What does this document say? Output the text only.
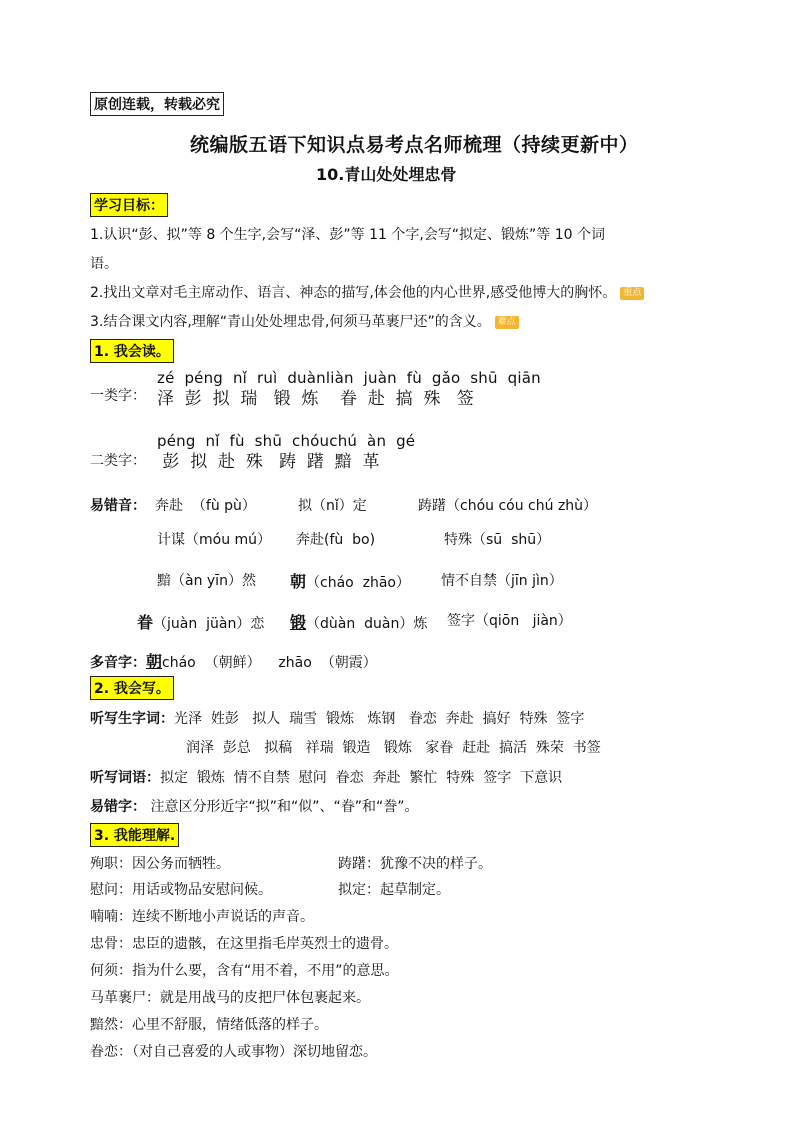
原创连载，转载必究
统编版五语下知识点易考点名师梳理（持续更新中）
10.青山处处埋忠骨
学习目标：
1.认识“彭、拟”等 8 个生字,会写“泽、彭”等 11 个字,会写“拟定、锻炼”等 10 个词
语。
2.找出文章对毛主席动作、语言、神态的描写,体会他的内心世界,感受他博大的胸怀。 重点
3.结合课文内容,理解“青山处处埋忠骨,何须马革裹尸还”的含义。 难点
1. 我会读。
zé  péng  nǐ  ruì  duànliàn  juàn  fù  gǎo  shū  qiān
一类字： 泽  彭  拟  瑞   锻  炼    眷  赴  搞  殊   签
péng  nǐ  fù  shū  chóuchú  àn  gé
二类字： 彭  拟  赴  殊   踌  躇  黯  革
易错音： 奔赴  （fù pù）	拟（nǐ）定	踌躇（chóu cóu chú zhù）
计谋（móu mú） 奔赴(fù  bo)	特殊（sū  shū）
黯（àn yīn）然 朝（cháo  zhāo） 情不自禁（jīn jìn）
眷（juàn  jüàn）恋 锻（dùàn  duàn）炼 签字（qiōn   jiàn）
多音字：朝cháo  （朝鲜）    zhāo  （朝霞）
2. 我会写。
听写生字词：光泽  姓彭   拟人  瑞雪  锻炼   炼钢   眷恋  奔赴  搞好  特殊  签字
润泽  彭总   拟稿   祥瑞  锻造   锻炼   家眷  赶赴  搞活  殊荣  书签
听写词语：拟定  锻炼  情不自禁  慰问  眷恋  奔赴  繁忙  特殊  签字  下意识
易错字： 注意区分形近字“拟”和“似”、“眷”和“誊”。
3. 我能理解.
殉职：因公务而牺牲。	踌躇：犹豫不决的样子。
慰问：用话或物品安慰问候。	拟定：起草制定。
喃喃：连续不断地小声说话的声音。
忠骨：忠臣的遗骸，在这里指毛岸英烈士的遗骨。
何须：指为什么要，含有“用不着，不用”的意思。
马革裹尸：就是用战马的皮把尸体包裹起来。
黯然：心里不舒服，情绪低落的样子。
眷恋：（对自己喜爱的人或事物）深切地留恋。
